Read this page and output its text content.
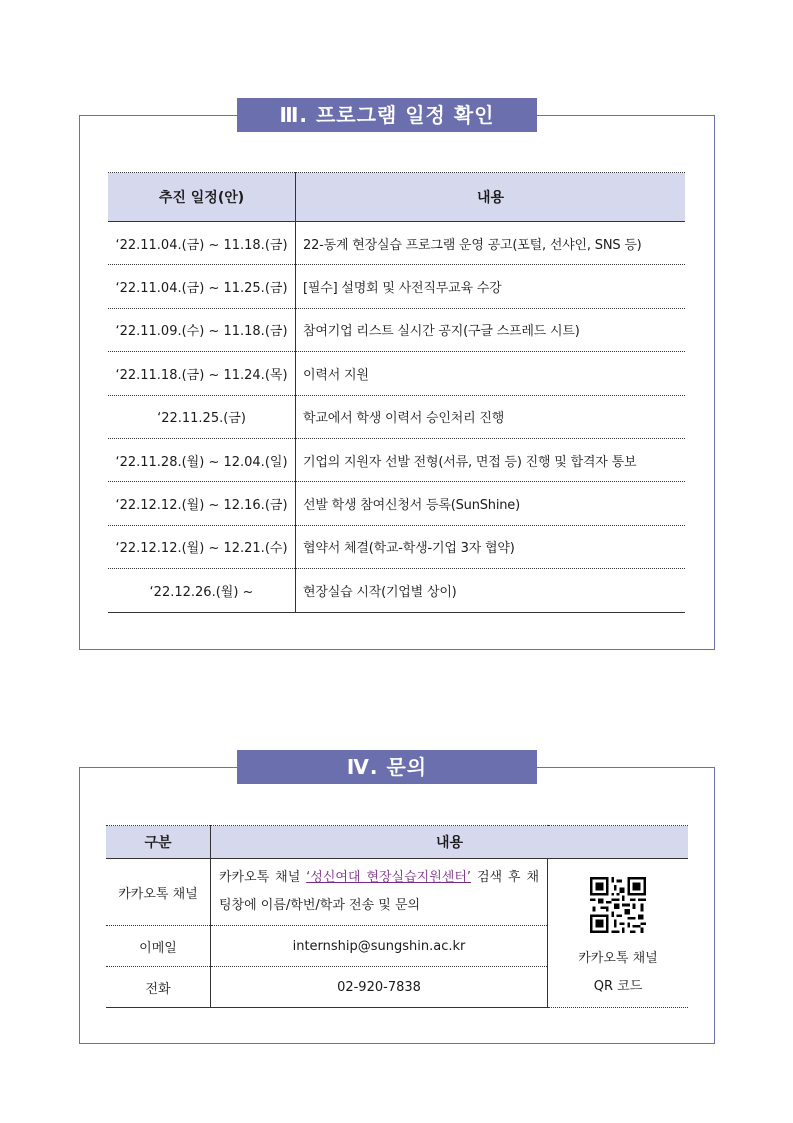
Ⅲ. 프로그램 일정 확인
추진 일정(안)	내용
‘22.11.04.(금) ~ 11.18.(금)	22-동계 현장실습 프로그램 운영 공고(포털, 선샤인, SNS 등)
‘22.11.04.(금) ~ 11.25.(금)	[필수] 설명회 및 사전직무교육 수강
‘22.11.09.(수) ~ 11.18.(금)	참여기업 리스트 실시간 공지(구글 스프레드 시트)
‘22.11.18.(금) ~ 11.24.(목)	이력서 지원
‘22.11.25.(금)	학교에서 학생 이력서 승인처리 진행
‘22.11.28.(월) ~ 12.04.(일)	기업의 지원자 선발 전형(서류, 면접 등) 진행 및 합격자 통보
‘22.12.12.(월) ~ 12.16.(금)	선발 학생 참여신청서 등록(SunShine)
‘22.12.12.(월) ~ 12.21.(수)	협약서 체결(학교-학생-기업 3자 협약)
‘22.12.26.(월) ~	현장실습 시작(기업별 상이)
Ⅳ. 문의
구분	내용	
카카오톡 채널	카카오톡 채널 ‘성신여대 현장실습지원센터’ 검색 후 채팅창에 이름/학번/학과 전송 및 문의	카카오톡 채널
QR 코드

이메일	internship@sungshin.ac.kr	
전화	02-920-7838	
